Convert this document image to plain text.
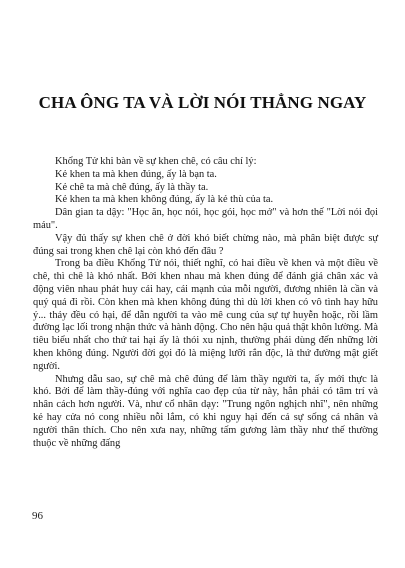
CHA ÔNG TA VÀ LỜI NÓI THẲNG NGAY

Khổng Tử khi bàn về sự khen chê, có câu chí lý:

Kẻ khen ta mà khen đúng, ấy là bạn ta.

Kẻ chê ta mà chê đúng, ấy là thầy ta.

Kẻ khen ta mà khen không đúng, ấy là kẻ thù của ta.

Dân gian ta dậy: "Học ăn, học nói, học gói, học mở" và hơn thế "Lời nói đọi máu".

Vậy đủ thấy sự khen chê ở đời khó biết chừng nào, mà phân biệt được sự đúng sai trong khen chê lại còn khó đến đâu ?

Trong ba điều Khổng Tử nói, thiết nghĩ, có hai điều về khen và một điều về chê, thì chê là khó nhất. Bởi khen nhau mà khen đúng để đánh giá chân xác và động viên nhau phát huy cái hay, cái mạnh của mỗi người, đương nhiên là cần và quý quá đi rồi. Còn khen mà khen không đúng thì dù lời khen có vô tình hay hữu ý... thảy đều có hại, để dẫn người ta vào mê cung của sự tự huyễn hoặc, rồi lầm đường lạc lối trong nhận thức và hành động. Cho nên hậu quả thật khôn lường. Mà tiêu biểu nhất cho thứ tai hại ấy là thói xu nịnh, thường phái dùng đến những lời khen không đúng. Người đời gọi đó là miệng lưỡi rắn độc, là thứ đường mật giết người.

Nhưng dẫu sao, sự chê mà chê đúng để làm thầy người ta, ấy mới thực là khó. Bởi để làm thầy-đúng với nghĩa cao đẹp của từ này, hẳn phải có tâm trí và nhân cách hơn người. Và, như cổ nhân dạy: "Trung ngôn nghịch nhĩ", nên những kẻ hay cửa nó cong nhiều nỗi lắm, có khi nguy hại đến cả sự sống cá nhân và người thân thích. Cho nên xưa nay, những tấm gương làm thầy như thế thường thuộc về những đấng

96
